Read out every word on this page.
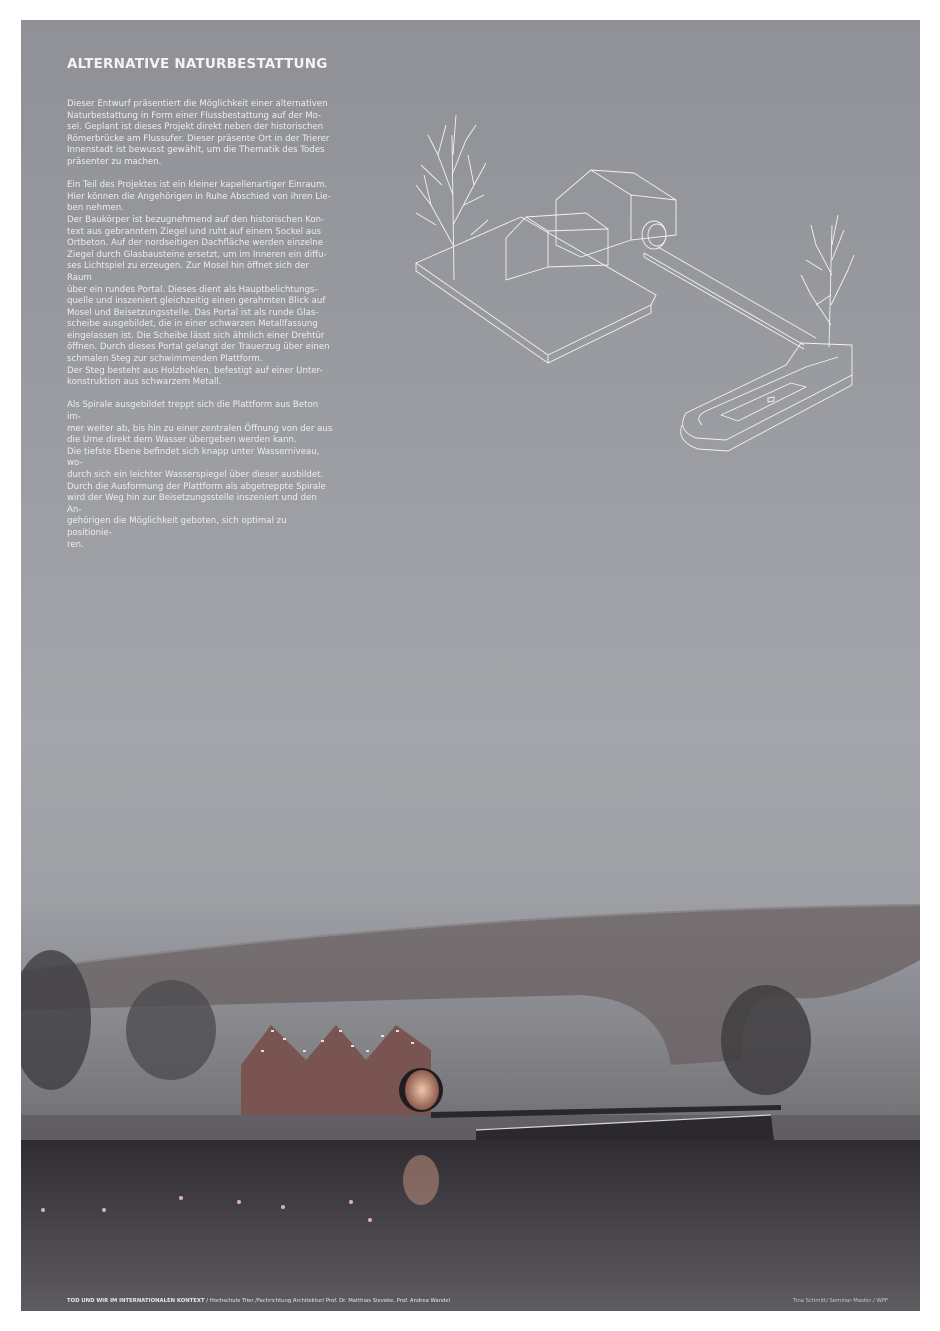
ALTERNATIVE NATURBESTATTUNG

Dieser Entwurf präsentiert die Möglichkeit einer alternativen
Naturbestattung in Form einer Flussbestattung auf der Mo-
sel. Geplant ist dieses Projekt direkt neben der historischen
Römerbrücke am Flussufer. Dieser präsente Ort in der Trierer
Innenstadt ist bewusst gewählt, um die Thematik des Todes
präsenter zu machen.

Ein Teil des Projektes ist ein kleiner kapellenartiger Einraum.
Hier können die Angehörigen in Ruhe Abschied von ihren Lie-
ben nehmen.
Der Baukörper ist bezugnehmend auf den historischen Kon-
text aus gebranntem Ziegel und ruht auf einem Sockel aus
Ortbeton. Auf der nordseitigen Dachfläche werden einzelne
Ziegel durch Glasbausteine ersetzt, um im Inneren ein diffu-
ses Lichtspiel zu erzeugen. Zur Mosel hin öffnet sich der Raum
über ein rundes Portal. Dieses dient als Hauptbelichtungs-
quelle und inszeniert gleichzeitig einen gerahmten Blick auf
Mosel und Beisetzungsstelle. Das Portal ist als runde Glas-
scheibe ausgebildet, die in einer schwarzen Metallfassung
eingelassen ist. Die Scheibe lässt sich ähnlich einer Drehtür
öffnen. Durch dieses Portal gelangt der Trauerzug über einen
schmalen Steg zur schwimmenden Plattform.
Der Steg besteht aus Holzbohlen, befestigt auf einer Unter-
konstruktion aus schwarzem Metall.

Als Spirale ausgebildet treppt sich die Plattform aus Beton im-
mer weiter ab, bis hin zu einer zentralen Öffnung von der aus
die Urne direkt dem Wasser übergeben werden kann.
Die tiefste Ebene befindet sich knapp unter Wasserniveau, wo-
durch sich ein leichter Wasserspiegel über dieser ausbildet.
Durch die Ausformung der Plattform als abgetreppte Spirale
wird der Weg hin zur Beisetzungsstelle inszeniert und den An-
gehörigen die Möglichkeit geboten, sich optimal zu positionie-
ren.

TOD UND WIR IM INTERNATIONALEN KONTEXT / Hochschule Trier /Fachrichtung Architektur/ Prof. Dr. Matthias Sieveke, Prof. Andrea Wandel	Tina Schmitt/ Seminar Master / WPF
